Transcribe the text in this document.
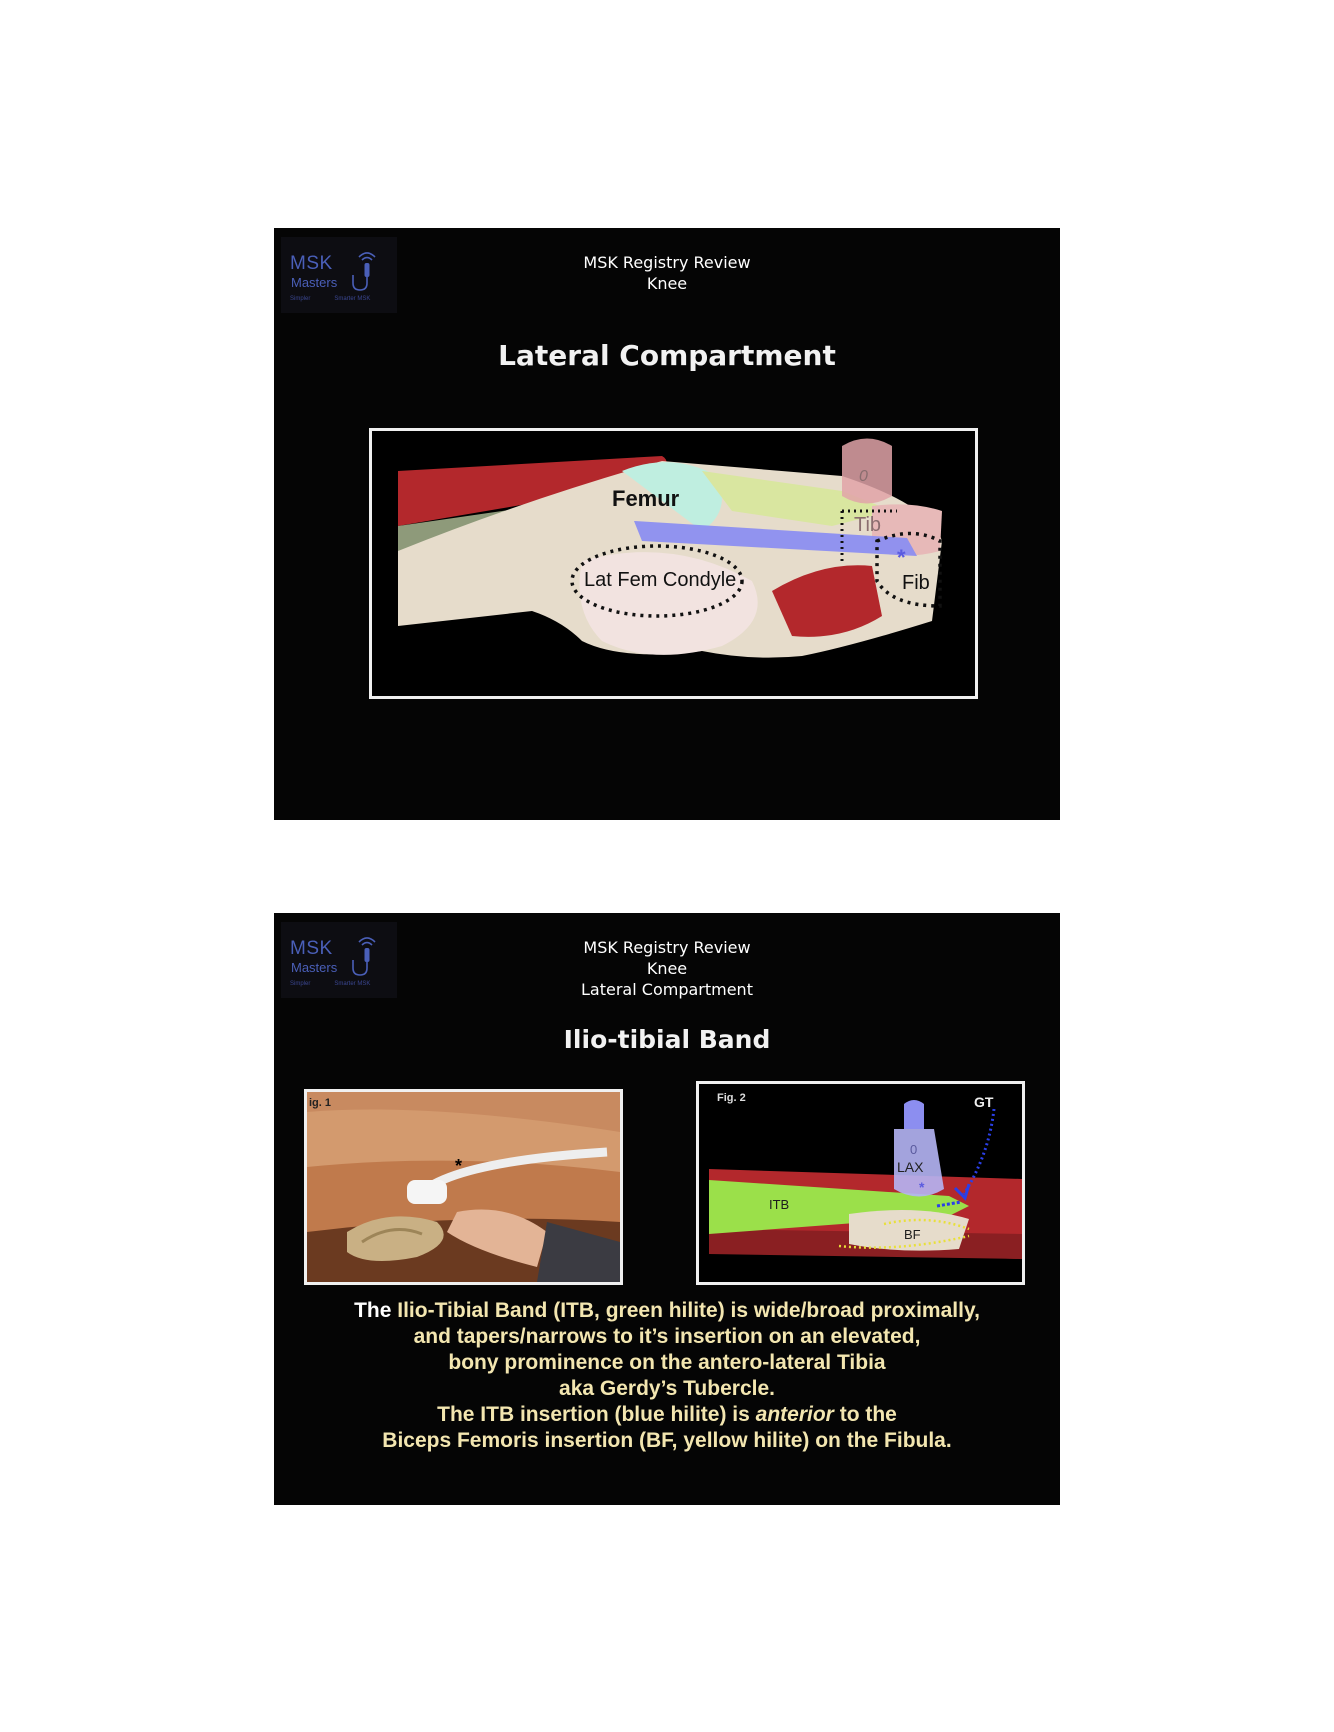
MSK
Masters
Simpler	Smarter MSK
MSK Registry Review
Knee
Lateral Compartment
0
Femur
Tib
Lat Fem Condyle	Fib
*
MSK
Masters
Simpler	Smarter MSK
MSK Registry Review
Knee
Lateral Compartment
Ilio-tibial Band
ig. 1
*
0
Fig. 2	GT
LAX
*
ITB
BF
The Ilio-Tibial Band (ITB, green hilite) is wide/broad proximally,
and tapers/narrows to it’s insertion on an elevated,
bony prominence on the antero-lateral Tibia
aka Gerdy’s Tubercle.
The ITB insertion (blue hilite) is anterior to the
Biceps Femoris insertion (BF, yellow hilite) on the Fibula.
